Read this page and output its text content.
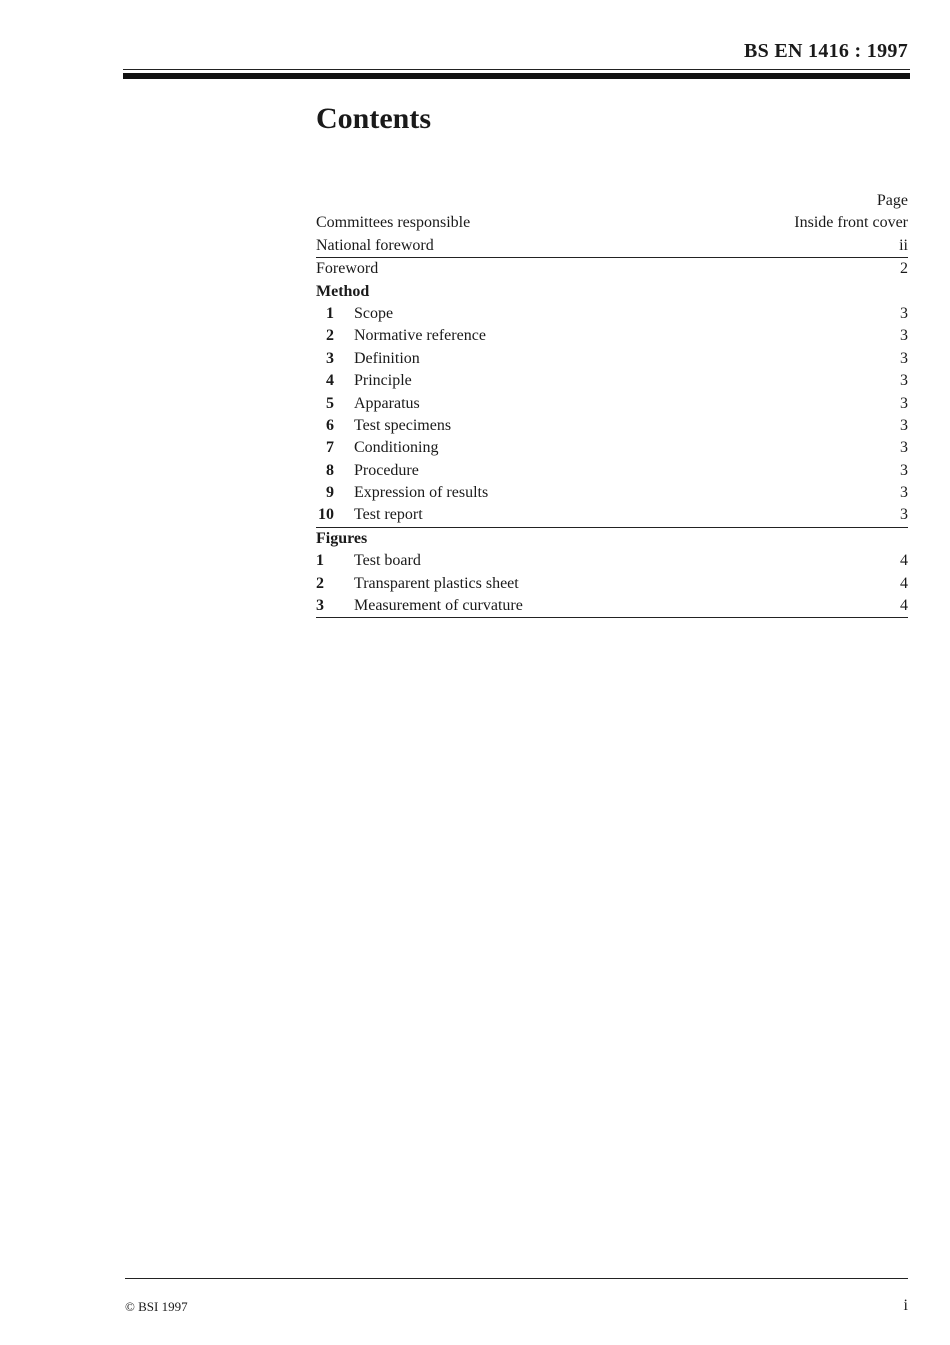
BS EN 1416 : 1997
Contents
Page
Committees responsible	Inside front cover
National foreword	ii
Foreword	2
Method
1	Scope	3
2	Normative reference	3
3	Definition	3
4	Principle	3
5	Apparatus	3
6	Test specimens	3
7	Conditioning	3
8	Procedure	3
9	Expression of results	3
10	Test report	3
Figures
1	Test board	4
2	Transparent plastics sheet	4
3	Measurement of curvature	4
© BSI 1997	i
